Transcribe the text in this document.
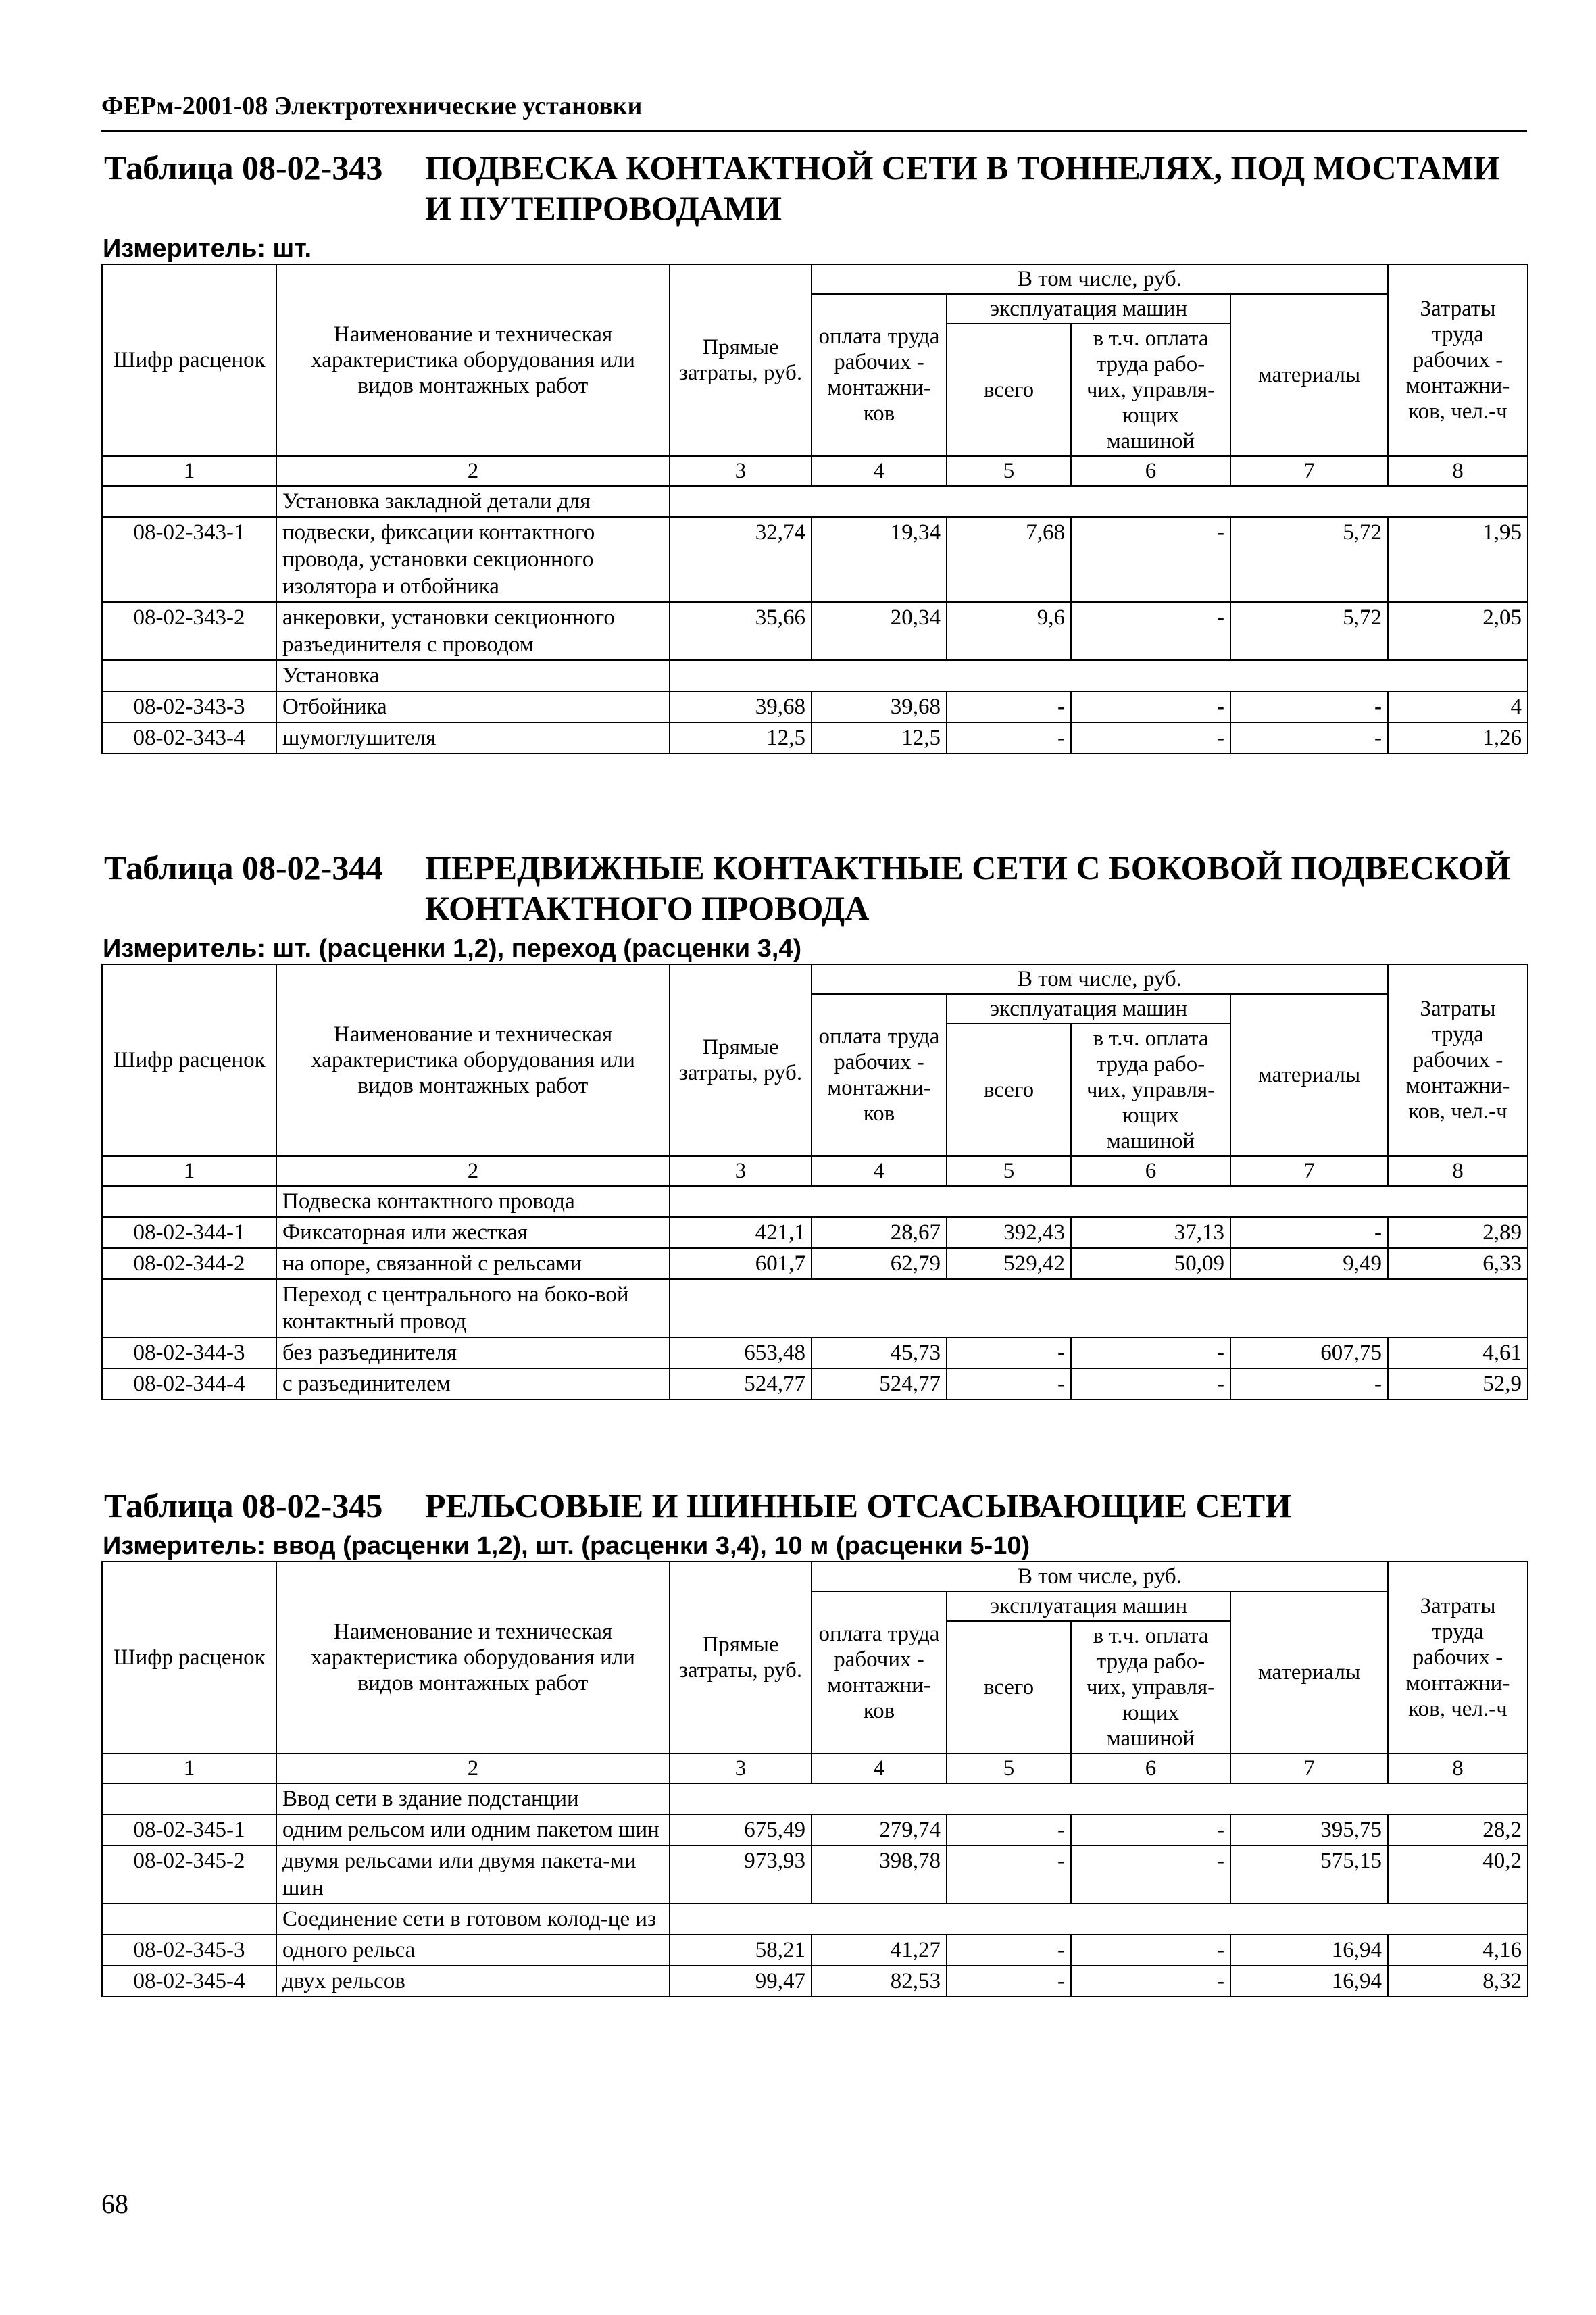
ФЕРм-2001-08 Электротехнические установки
Таблица 08-02-343	ПОДВЕСКА КОНТАКТНОЙ СЕТИ В ТОННЕЛЯХ, ПОД МОСТАМИ И ПУТЕПРОВОДАМИ
Измеритель: шт.
Шифр расценок	Наименование и техническая характеристика оборудования или видов монтажных работ	Прямые затраты, руб.	В том числе, руб.				Затраты труда рабочих - монтажни-ков, чел.-ч
			оплата труда рабочих - монтажни-ков	эксплуатация машин		материалы	
				всего	в т.ч. оплата труда рабо-чих, управля-ющих машиной		
1	2	3	4	5	6	7	8
	Установка закладной детали для						
08-02-343-1	подвески, фиксации контактного провода, установки секционного изолятора и отбойника	32,74	19,34	7,68	-	5,72	1,95
08-02-343-2	анкеровки, установки секционного разъединителя с проводом	35,66	20,34	9,6	-	5,72	2,05
	Установка						
08-02-343-3	Отбойника	39,68	39,68	-	-	-	4
08-02-343-4	шумоглушителя	12,5	12,5	-	-	-	1,26
Таблица 08-02-344	ПЕРЕДВИЖНЫЕ КОНТАКТНЫЕ СЕТИ С БОКОВОЙ ПОДВЕСКОЙ КОНТАКТНОГО ПРОВОДА
Измеритель: шт. (расценки 1,2), переход (расценки 3,4)
Шифр расценок	Наименование и техническая характеристика оборудования или видов монтажных работ	Прямые затраты, руб.	В том числе, руб.				Затраты труда рабочих - монтажни-ков, чел.-ч
			оплата труда рабочих - монтажни-ков	эксплуатация машин		материалы	
				всего	в т.ч. оплата труда рабо-чих, управля-ющих машиной		
1	2	3	4	5	6	7	8
	Подвеска контактного провода						
08-02-344-1	Фиксаторная или жесткая	421,1	28,67	392,43	37,13	-	2,89
08-02-344-2	на опоре, связанной с рельсами	601,7	62,79	529,42	50,09	9,49	6,33
	Переход с центрального на боко-вой контактный провод						
08-02-344-3	без разъединителя	653,48	45,73	-	-	607,75	4,61
08-02-344-4	с разъединителем	524,77	524,77	-	-	-	52,9
Таблица 08-02-345	РЕЛЬСОВЫЕ И ШИННЫЕ ОТСАСЫВАЮЩИЕ СЕТИ
Измеритель: ввод (расценки 1,2), шт. (расценки 3,4), 10 м (расценки 5-10)
Шифр расценок	Наименование и техническая характеристика оборудования или видов монтажных работ	Прямые затраты, руб.	В том числе, руб.				Затраты труда рабочих - монтажни-ков, чел.-ч
			оплата труда рабочих - монтажни-ков	эксплуатация машин		материалы	
				всего	в т.ч. оплата труда рабо-чих, управля-ющих машиной		
1	2	3	4	5	6	7	8
	Ввод сети в здание подстанции						
08-02-345-1	одним рельсом или одним пакетом шин	675,49	279,74	-	-	395,75	28,2
08-02-345-2	двумя рельсами или двумя пакета-ми шин	973,93	398,78	-	-	575,15	40,2
	Соединение сети в готовом колод-це из						
08-02-345-3	одного рельса	58,21	41,27	-	-	16,94	4,16
08-02-345-4	двух рельсов	99,47	82,53	-	-	16,94	8,32
68
